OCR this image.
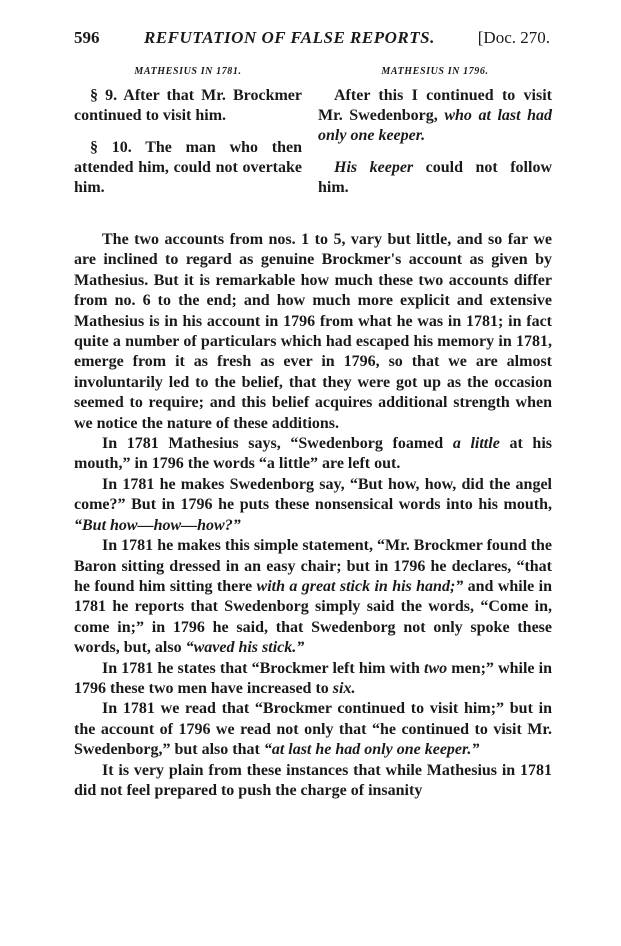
596	REFUTATION OF FALSE REPORTS.	[Doc. 270.
MATHESIUS IN 1781.

§ 9. After that Mr. Brockmer continued to visit him.

§ 10. The man who then attended him, could not overtake him.

MATHESIUS IN 1796.

After this I continued to visit Mr. Swedenborg, who at last had only one keeper.

His keeper could not follow him.

The two accounts from nos. 1 to 5, vary but little, and so far we are inclined to regard as genuine Brockmer's account as given by Mathesius. But it is remarkable how much these two accounts differ from no. 6 to the end; and how much more explicit and extensive Mathesius is in his account in 1796 from what he was in 1781; in fact quite a number of particulars which had escaped his memory in 1781, emerge from it as fresh as ever in 1796, so that we are almost involuntarily led to the belief, that they were got up as the occasion seemed to require; and this belief acquires additional strength when we notice the nature of these additions.

In 1781 Mathesius says, “Swedenborg foamed a little at his mouth,” in 1796 the words “a little” are left out.

In 1781 he makes Swedenborg say, “But how, how, did the angel come?” But in 1796 he puts these nonsensical words into his mouth, “But how—how—how?”

In 1781 he makes this simple statement, “Mr. Brockmer found the Baron sitting dressed in an easy chair; but in 1796 he declares, “that he found him sitting there with a great stick in his hand;” and while in 1781 he reports that Swedenborg simply said the words, “Come in, come in;” in 1796 he said, that Swedenborg not only spoke these words, but, also “waved his stick.”

In 1781 he states that “Brockmer left him with two men;” while in 1796 these two men have increased to six.

In 1781 we read that “Brockmer continued to visit him;” but in the account of 1796 we read not only that “he continued to visit Mr. Swedenborg,” but also that “at last he had only one keeper.”

It is very plain from these instances that while Mathesius in 1781 did not feel prepared to push the charge of insanity
